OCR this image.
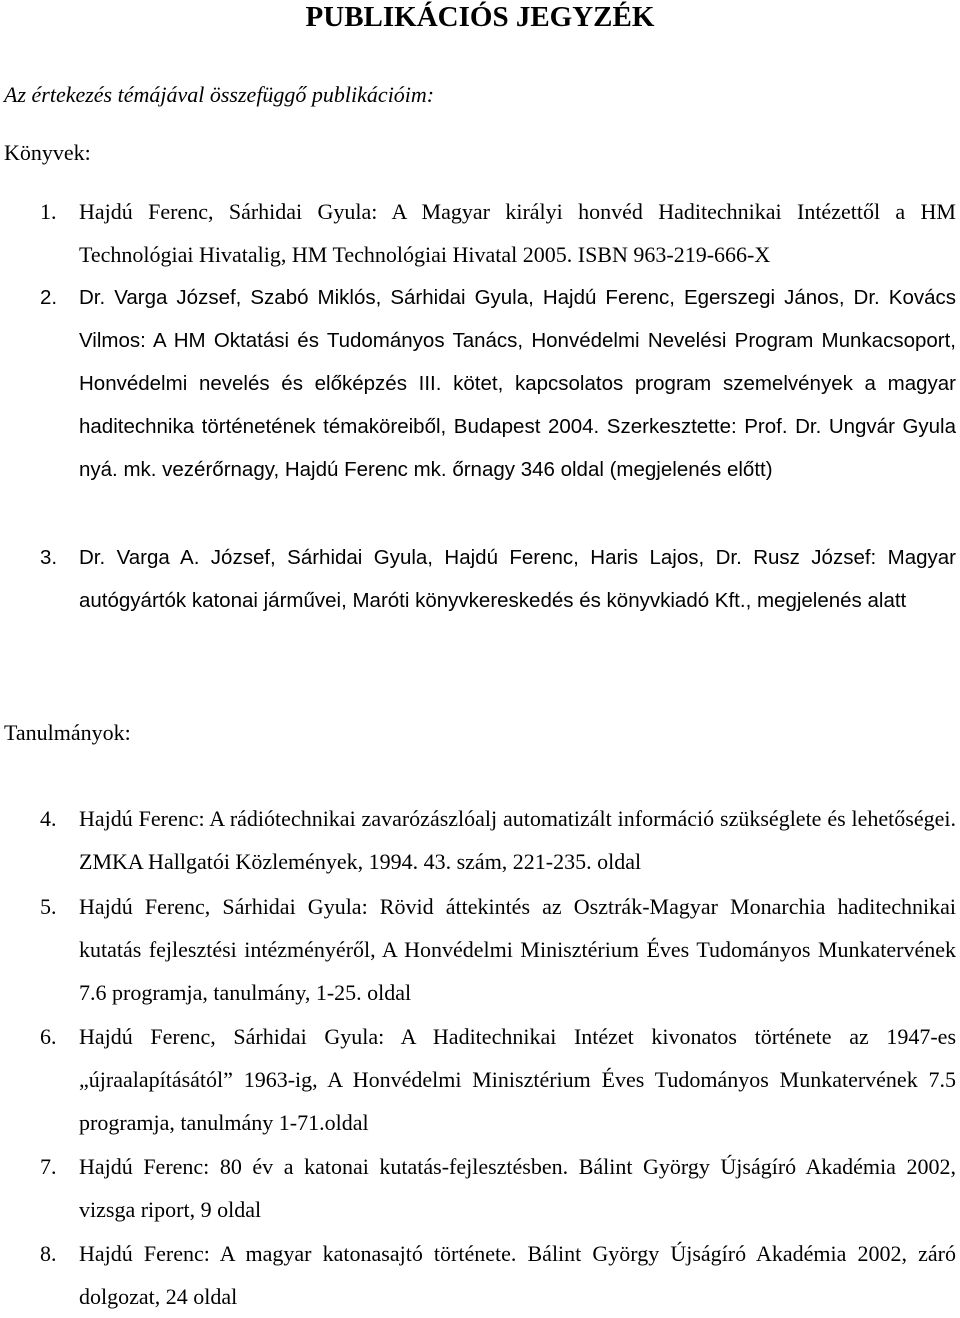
PUBLIKÁCIÓS JEGYZÉK
Az értekezés témájával összefüggő publikációim:
Könyvek:
1. Hajdú Ferenc, Sárhidai Gyula: A Magyar királyi honvéd Haditechnikai Intézettől a HM Technológiai Hivatalig, HM Technológiai Hivatal 2005. ISBN 963-219-666-X

2. Dr. Varga József, Szabó Miklós, Sárhidai Gyula, Hajdú Ferenc, Egerszegi János, Dr. Kovács Vilmos: A HM Oktatási és Tudományos Tanács, Honvédelmi Nevelési Program Munkacsoport, Honvédelmi nevelés és előképzés III. kötet, kapcsolatos program szemelvények a magyar haditechnika történetének témaköreiből, Budapest 2004. Szerkesztette: Prof. Dr. Ungvár Gyula nyá. mk. vezérőrnagy, Hajdú Ferenc mk. őrnagy 346 oldal (megjelenés előtt)

3. Dr. Varga A. József, Sárhidai Gyula, Hajdú Ferenc, Haris Lajos, Dr. Rusz József: Magyar autógyártók katonai járművei, Maróti könyvkereskedés és könyvkiadó Kft., megjelenés alatt

Tanulmányok:
4. Hajdú Ferenc: A rádiótechnikai zavarózászlóalj automatizált információ szükséglete és lehetőségei. ZMKA Hallgatói Közlemények, 1994. 43. szám, 221-235. oldal

5. Hajdú Ferenc, Sárhidai Gyula: Rövid áttekintés az Osztrák-Magyar Monarchia haditechnikai kutatás fejlesztési intézményéről, A Honvédelmi Minisztérium Éves Tudományos Munkatervének 7.6 programja, tanulmány, 1-25. oldal

6. Hajdú Ferenc, Sárhidai Gyula: A Haditechnikai Intézet kivonatos története az 1947-es „újraalapításától” 1963-ig, A Honvédelmi Minisztérium Éves Tudományos Munkatervének 7.5 programja, tanulmány 1-71.oldal

7. Hajdú Ferenc: 80 év a katonai kutatás-fejlesztésben. Bálint György Újságíró Akadémia 2002, vizsga riport, 9 oldal

8. Hajdú Ferenc: A magyar katonasajtó története. Bálint György Újságíró Akadémia 2002, záró dolgozat, 24 oldal
